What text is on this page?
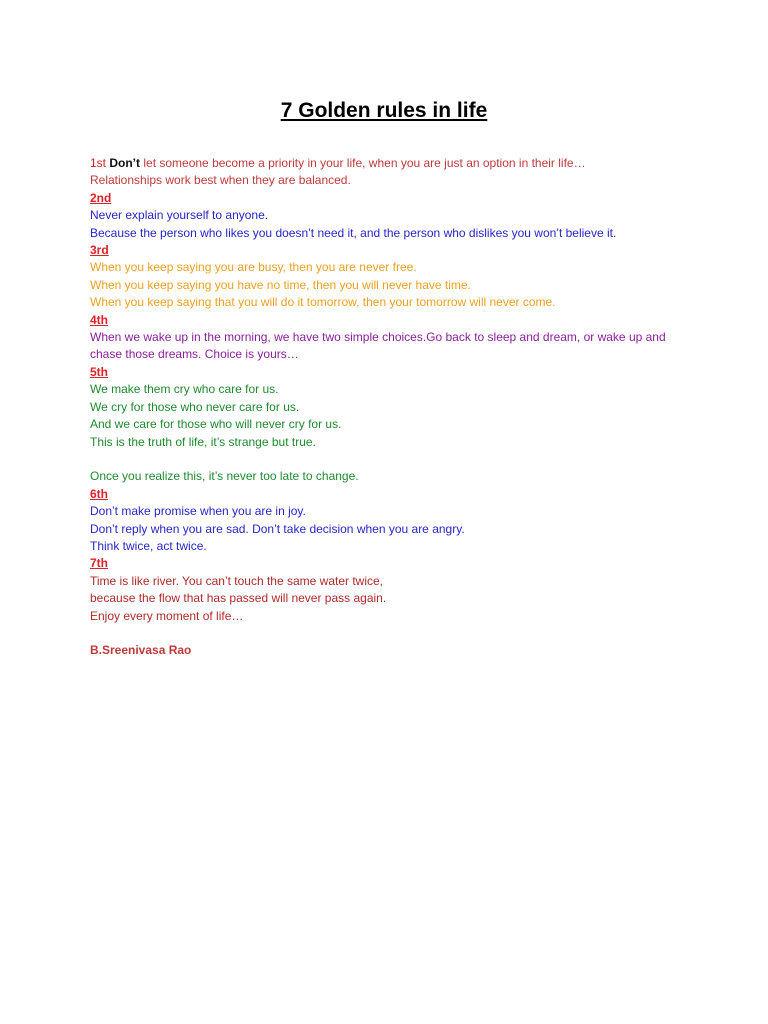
7 Golden rules in life
1st Don’t let someone become a priority in your life, when you are just an option in their life…
Relationships work best when they are balanced.
2nd
Never explain yourself to anyone.
Because the person who likes you doesn’t need it, and the person who dislikes you won’t believe it.
3rd
When you keep saying you are busy, then you are never free.
When you keep saying you have no time, then you will never have time.
When you keep saying that you will do it tomorrow, then your tomorrow will never come.
4th
When we wake up in the morning, we have two simple choices.Go back to sleep and dream, or wake up and chase those dreams. Choice is yours…
5th
We make them cry who care for us.
We cry for those who never care for us.
And we care for those who will never cry for us.
This is the truth of life, it’s strange but true.
Once you realize this, it’s never too late to change.
6th
Don’t make promise when you are in joy.
Don’t reply when you are sad. Don’t take decision when you are angry.
Think twice, act twice.
7th
Time is like river. You can’t touch the same water twice,
because the flow that has passed will never pass again.
Enjoy every moment of life…
B.Sreenivasa Rao
